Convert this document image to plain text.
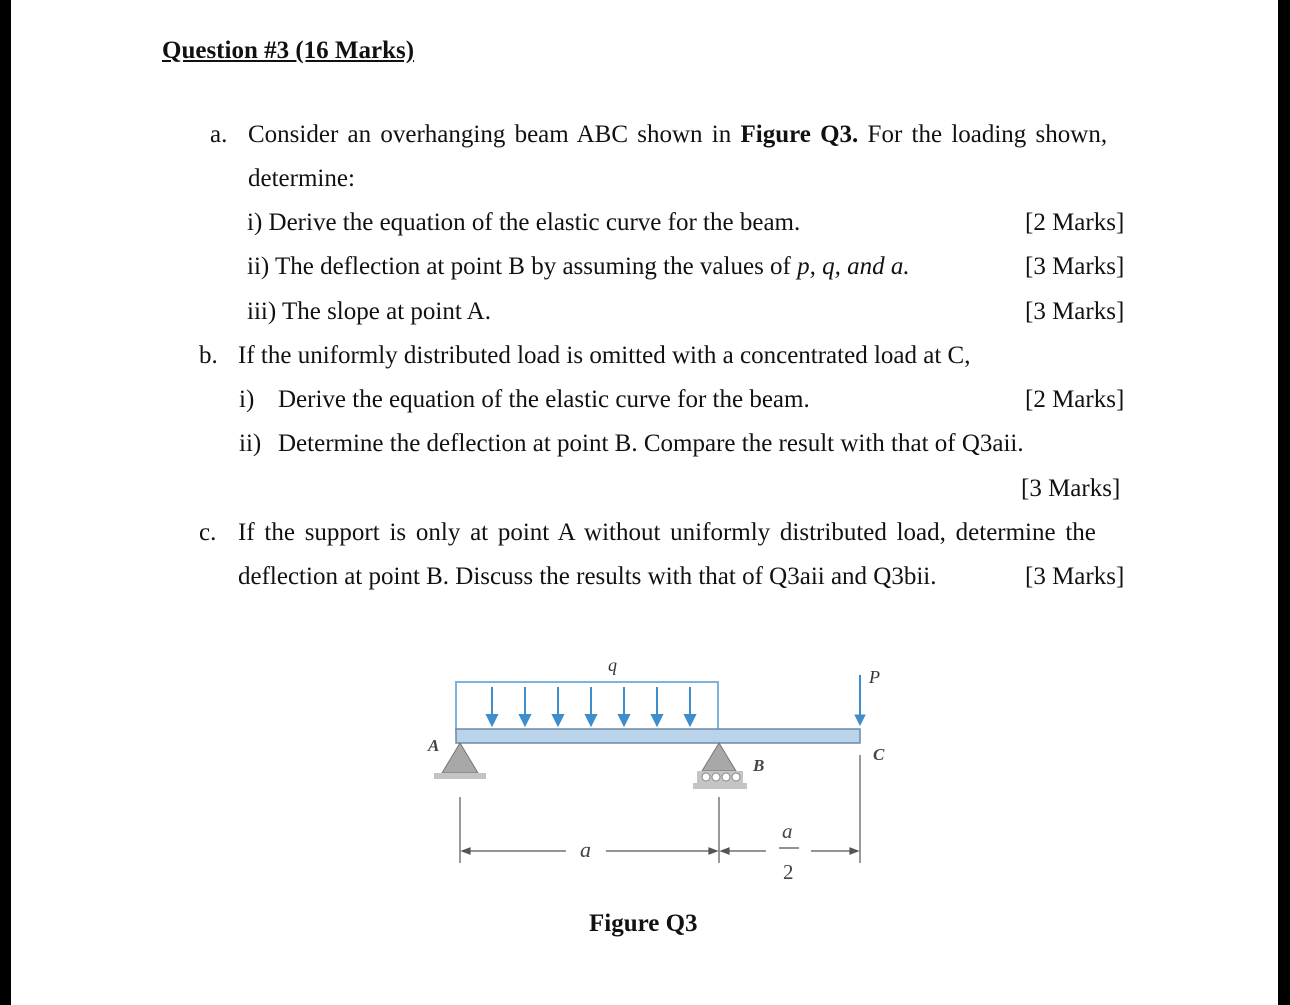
Question #3 (16 Marks)
a. Consider an overhanging beam ABC shown in Figure Q3. For the loading shown,
determine:
i) Derive the equation of the elastic curve for the beam.	[2 Marks]
ii) The deflection at point B by assuming the values of p, q, and a.	[3 Marks]
iii) The slope at point A.	[3 Marks]
b. If the uniformly distributed load is omitted with a concentrated load at C,
i) Derive the equation of the elastic curve for the beam.	[2 Marks]
ii) Determine the deflection at point B. Compare the result with that of Q3aii.
[3 Marks]
c. If the support is only at point A without uniformly distributed load, determine the
deflection at point B. Discuss the results with that of Q3aii and Q3bii.	[3 Marks]
q
P
A
B
C
a
a
2
Figure Q3
